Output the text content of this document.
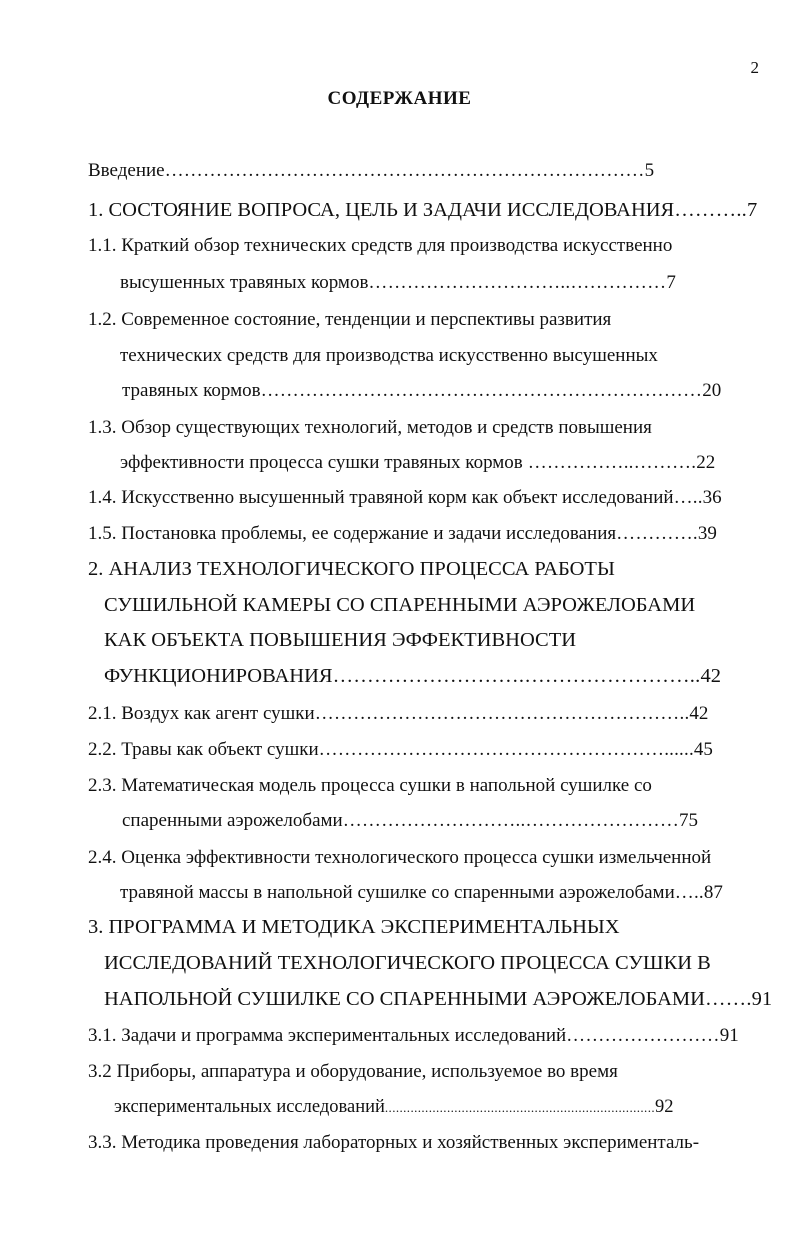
2
СОДЕРЖАНИЕ
Введение…………………………………………………………………5
1. СОСТОЯНИЕ ВОПРОСА, ЦЕЛЬ И ЗАДАЧИ ИССЛЕДОВАНИЯ………..7
1.1. Краткий обзор технических средств для производства искусственно
высушенных травяных кормов…………………………..……………7
1.2. Современное состояние, тенденции и перспективы развития
технических средств для производства искусственно высушенных
травяных кормов……………………………………………………………20
1.3. Обзор существующих технологий, методов и средств повышения
эффективности процесса сушки травяных кормов ……………..……….22
1.4. Искусственно высушенный травяной корм как объект исследований…..36
1.5. Постановка проблемы, ее содержание и задачи исследования………….39
2. АНАЛИЗ ТЕХНОЛОГИЧЕСКОГО ПРОЦЕССА РАБОТЫ
СУШИЛЬНОЙ КАМЕРЫ СО СПАРЕННЫМИ АЭРОЖЕЛОБАМИ
КАК ОБЪЕКТА ПОВЫШЕНИЯ ЭФФЕКТИВНОСТИ
ФУНКЦИОНИРОВАНИЯ……………………….……………………..42
2.1. Воздух как агент сушки…………………………………………………..42
2.2. Травы как объект сушки………………………………………………......45
2.3. Математическая модель процесса сушки в напольной сушилке со
спаренными аэрожелобами………………………..……………………75
2.4. Оценка эффективности технологического процесса сушки измельченной
травяной массы в напольной сушилке со спаренными аэрожелобами…..87
3. ПРОГРАММА И МЕТОДИКА ЭКСПЕРИМЕНТАЛЬНЫХ
ИССЛЕДОВАНИЙ ТЕХНОЛОГИЧЕСКОГО ПРОЦЕССА СУШКИ В
НАПОЛЬНОЙ СУШИЛКЕ СО СПАРЕННЫМИ АЭРОЖЕЛОБАМИ…….91
3.1. Задачи и программа экспериментальных исследований……………………91
3.2 Приборы, аппаратура и оборудование, используемое во время
экспериментальных исследований..........................................................................92
3.3. Методика проведения лабораторных и хозяйственных эксперименталь-
